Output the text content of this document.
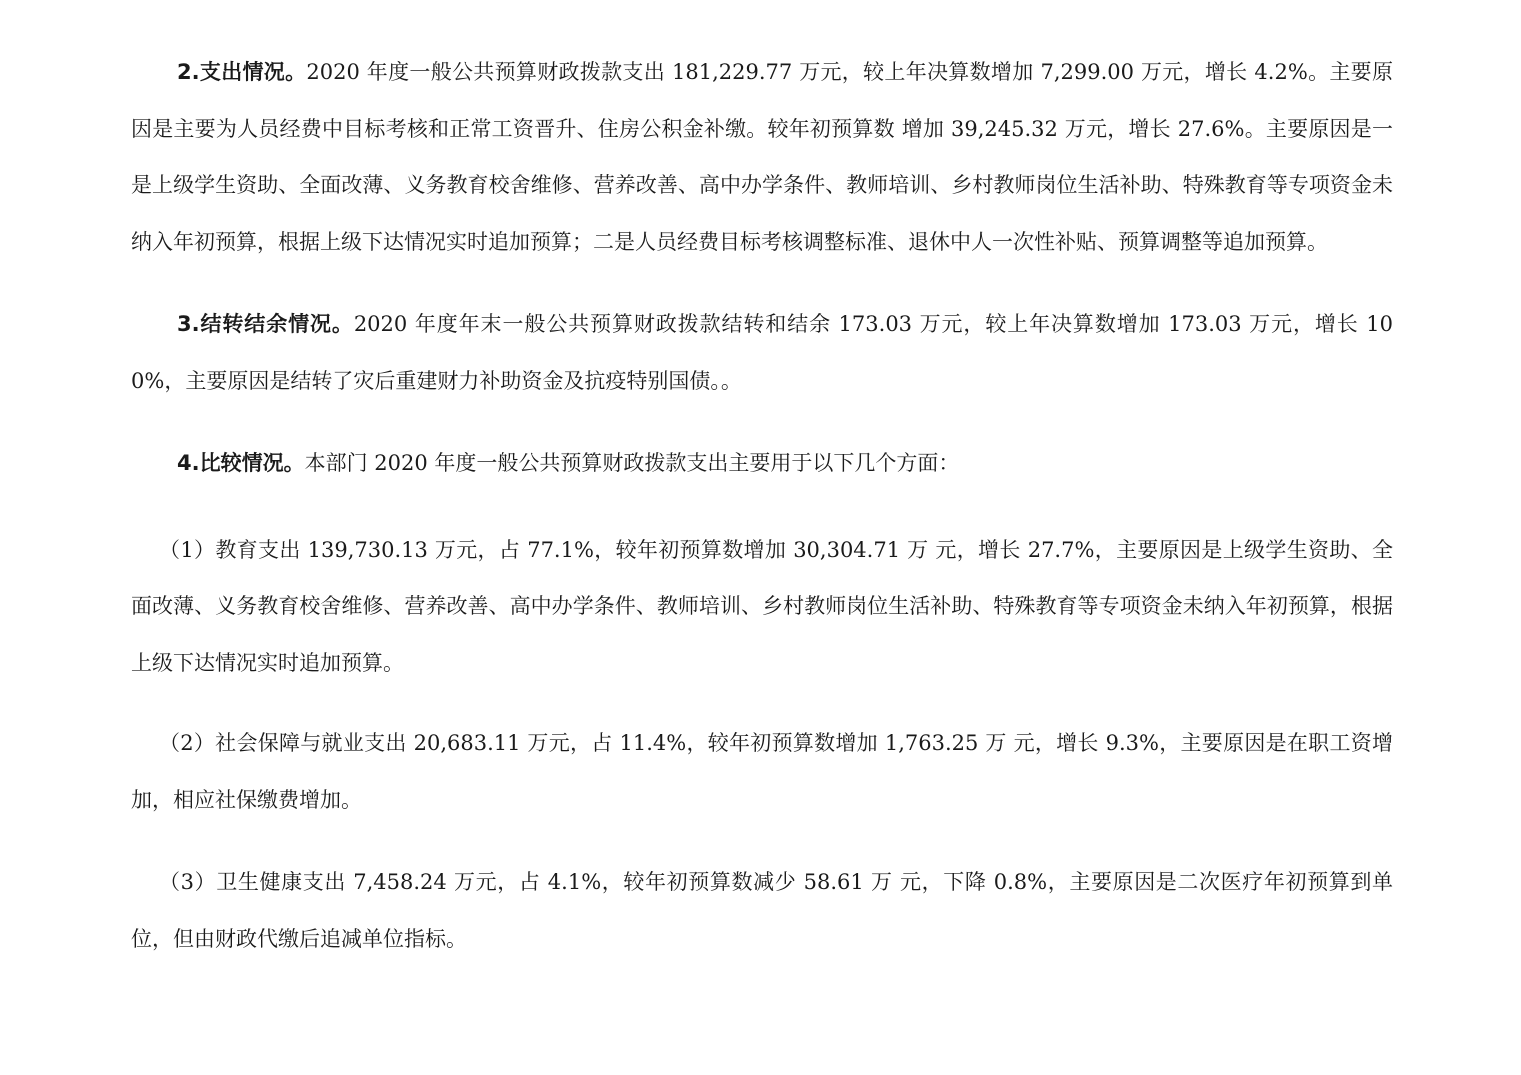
2.支出情况。2020 年度一般公共预算财政拨款支出 181,229.77 万元，较上年决算数增加 7,299.00 万元，增长 4.2%。主要原因是主要为人员经费中目标考核和正常工资晋升、住房公积金补缴。较年初预算数 增加 39,245.32 万元，增长 27.6%。主要原因是一是上级学生资助、全面改薄、义务教育校舍维修、营养改善、高中办学条件、教师培训、乡村教师岗位生活补助、特殊教育等专项资金未纳入年初预算，根据上级下达情况实时追加预算；二是人员经费目标考核调整标准、退休中人一次性补贴、预算调整等追加预算。

3.结转结余情况。2020 年度年末一般公共预算财政拨款结转和结余 173.03 万元，较上年决算数增加 173.03 万元，增长 100%，主要原因是结转了灾后重建财力补助资金及抗疫特别国债。。

4.比较情况。本部门 2020 年度一般公共预算财政拨款支出主要用于以下几个方面：

（1）教育支出 139,730.13 万元，占 77.1%，较年初预算数增加 30,304.71 万 元，增长 27.7%，主要原因是上级学生资助、全面改薄、义务教育校舍维修、营养改善、高中办学条件、教师培训、乡村教师岗位生活补助、特殊教育等专项资金未纳入年初预算，根据上级下达情况实时追加预算。

（2）社会保障与就业支出 20,683.11 万元，占 11.4%，较年初预算数增加 1,763.25 万 元，增长 9.3%，主要原因是在职工资增加，相应社保缴费增加。

（3）卫生健康支出 7,458.24 万元，占 4.1%，较年初预算数减少 58.61 万 元，下降 0.8%，主要原因是二次医疗年初预算到单位，但由财政代缴后追减单位指标。
